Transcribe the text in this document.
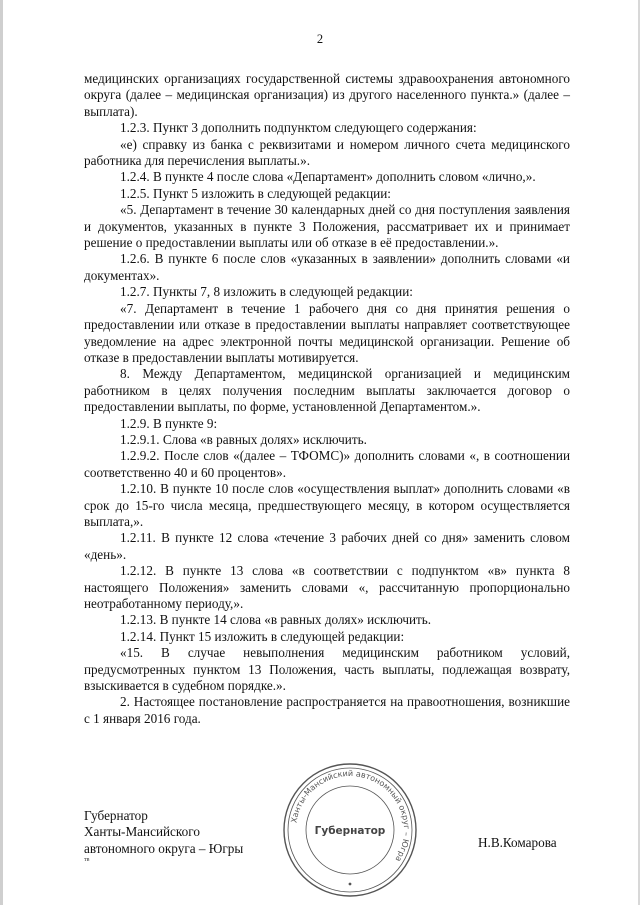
2

медицинских организациях государственной системы здравоохранения автономного округа (далее – медицинская организация) из другого населенного пункта.» (далее – выплата).

1.2.3. Пункт 3 дополнить подпунктом следующего содержания:

«е) справку из банка с реквизитами и номером личного счета медицинского работника для перечисления выплаты.».

1.2.4. В пункте 4 после слова «Департамент» дополнить словом «лично,».

1.2.5. Пункт 5 изложить в следующей редакции:

«5. Департамент в течение 30 календарных дней со дня поступления заявления и документов, указанных в пункте 3 Положения, рассматривает их и принимает решение о предоставлении выплаты или об отказе в её предоставлении.».

1.2.6. В пункте 6 после слов «указанных в заявлении» дополнить словами «и документах».

1.2.7. Пункты 7, 8 изложить в следующей редакции:

«7. Департамент в течение 1 рабочего дня со дня принятия решения о предоставлении или отказе в предоставлении выплаты направляет соответствующее уведомление на адрес электронной почты медицинской организации. Решение об отказе в предоставлении выплаты мотивируется.

8. Между Департаментом, медицинской организацией и медицинским работником в целях получения последним выплаты заключается договор о предоставлении выплаты, по форме, установленной Департаментом.».

1.2.9. В пункте 9:

1.2.9.1. Слова «в равных долях» исключить.

1.2.9.2. После слов «(далее – ТФОМС)» дополнить словами «, в соотношении соответственно 40 и 60 процентов».

1.2.10. В пункте 10 после слов «осуществления выплат» дополнить словами «в срок до 15-го числа месяца, предшествующего месяцу, в котором осуществляется выплата,».

1.2.11. В пункте 12 слова «течение 3 рабочих дней со дня» заменить словом «день».

1.2.12. В пункте 13 слова «в соответствии с подпунктом «в» пункта 8 настоящего Положения» заменить словами «, рассчитанную пропорционально неотработанному периоду,».

1.2.13. В пункте 14 слова «в равных долях» исключить.

1.2.14. Пункт 15 изложить в следующей редакции:

«15. В случае невыполнения медицинским работником условий, предусмотренных пунктом 13 Положения, часть выплаты, подлежащая возврату, взыскивается в судебном порядке.».

2. Настоящее постановление распространяется на правоотношения, возникшие с 1 января 2016 года.

Губернатор
Ханты-Мансийского
автономного округа – Югры
тв
Ханты-Мансийский автономный округ – Югра
Губернатор
Н.В.Комарова
